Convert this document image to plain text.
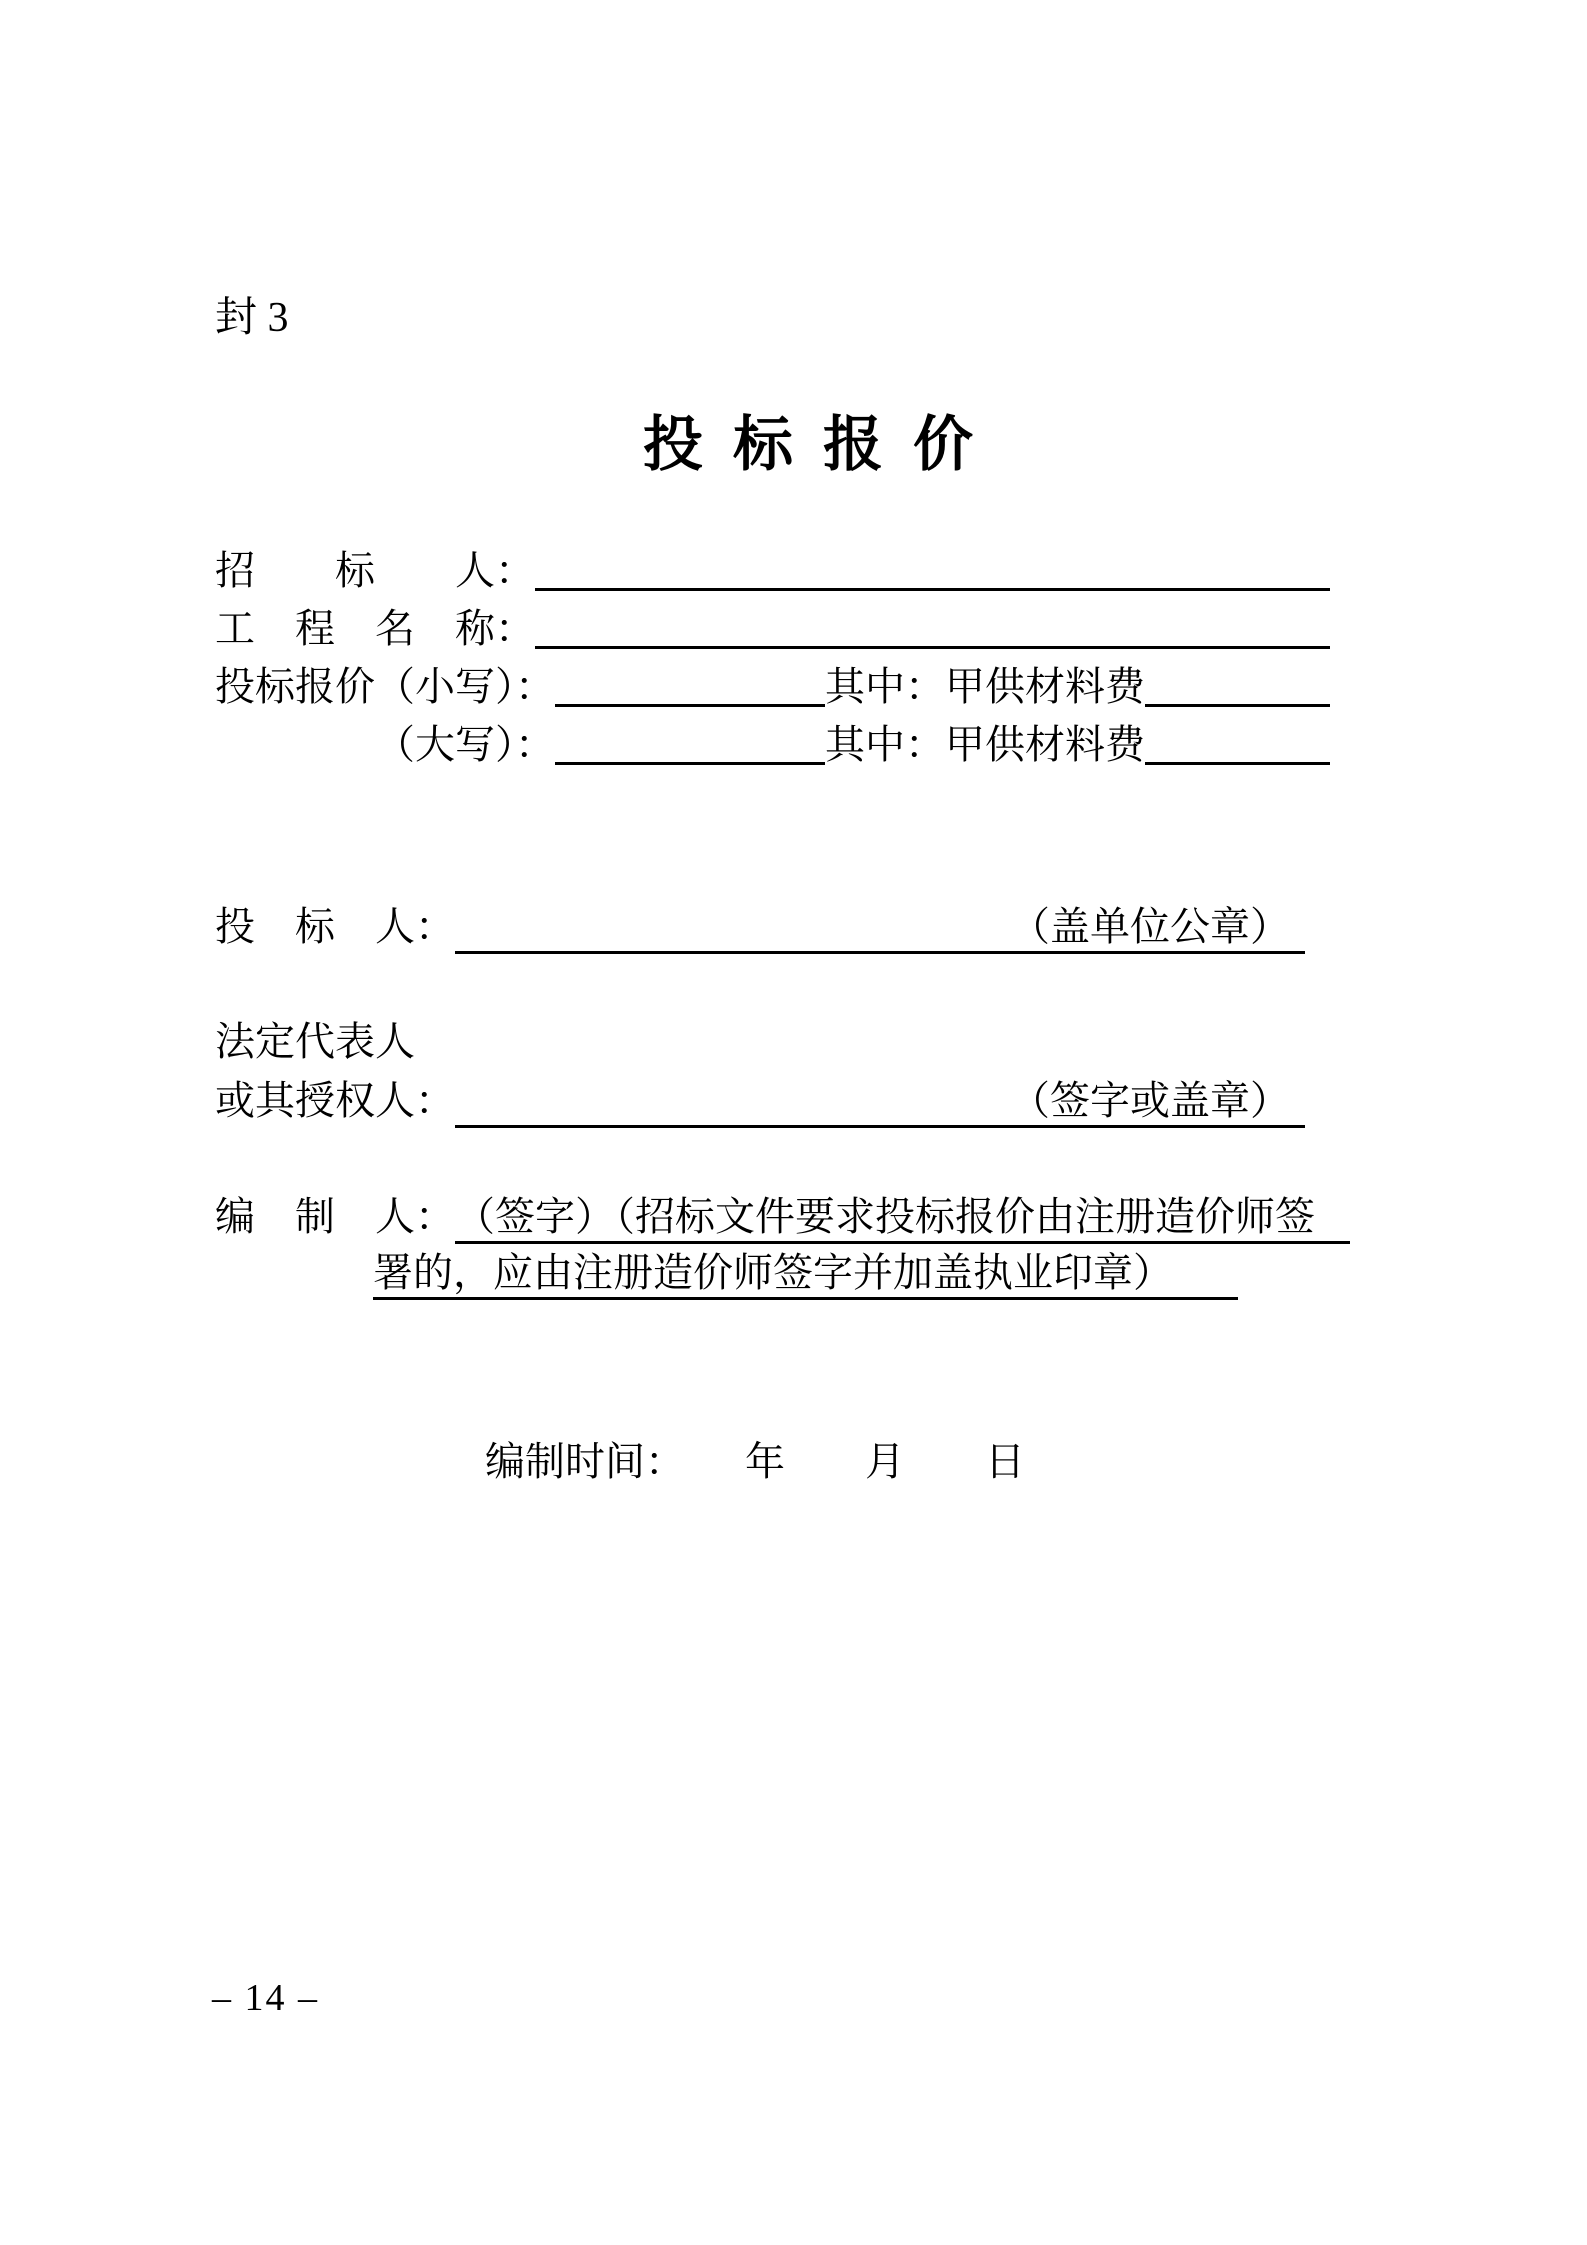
封 3
投标报价
招　　标　　人：
工　程　名　称：
投标报价（小写）：	其中：甲供材料费
（大写）：	其中：甲供材料费
投　标　人：	（盖单位公章）
法定代表人
或其授权人：	（签字或盖章）
编　制　人：（签字）（招标文件要求投标报价由注册造价师签
署的，应由注册造价师签字并加盖执业印章）
编制时间：　　年　　月　　日
– 14 –
